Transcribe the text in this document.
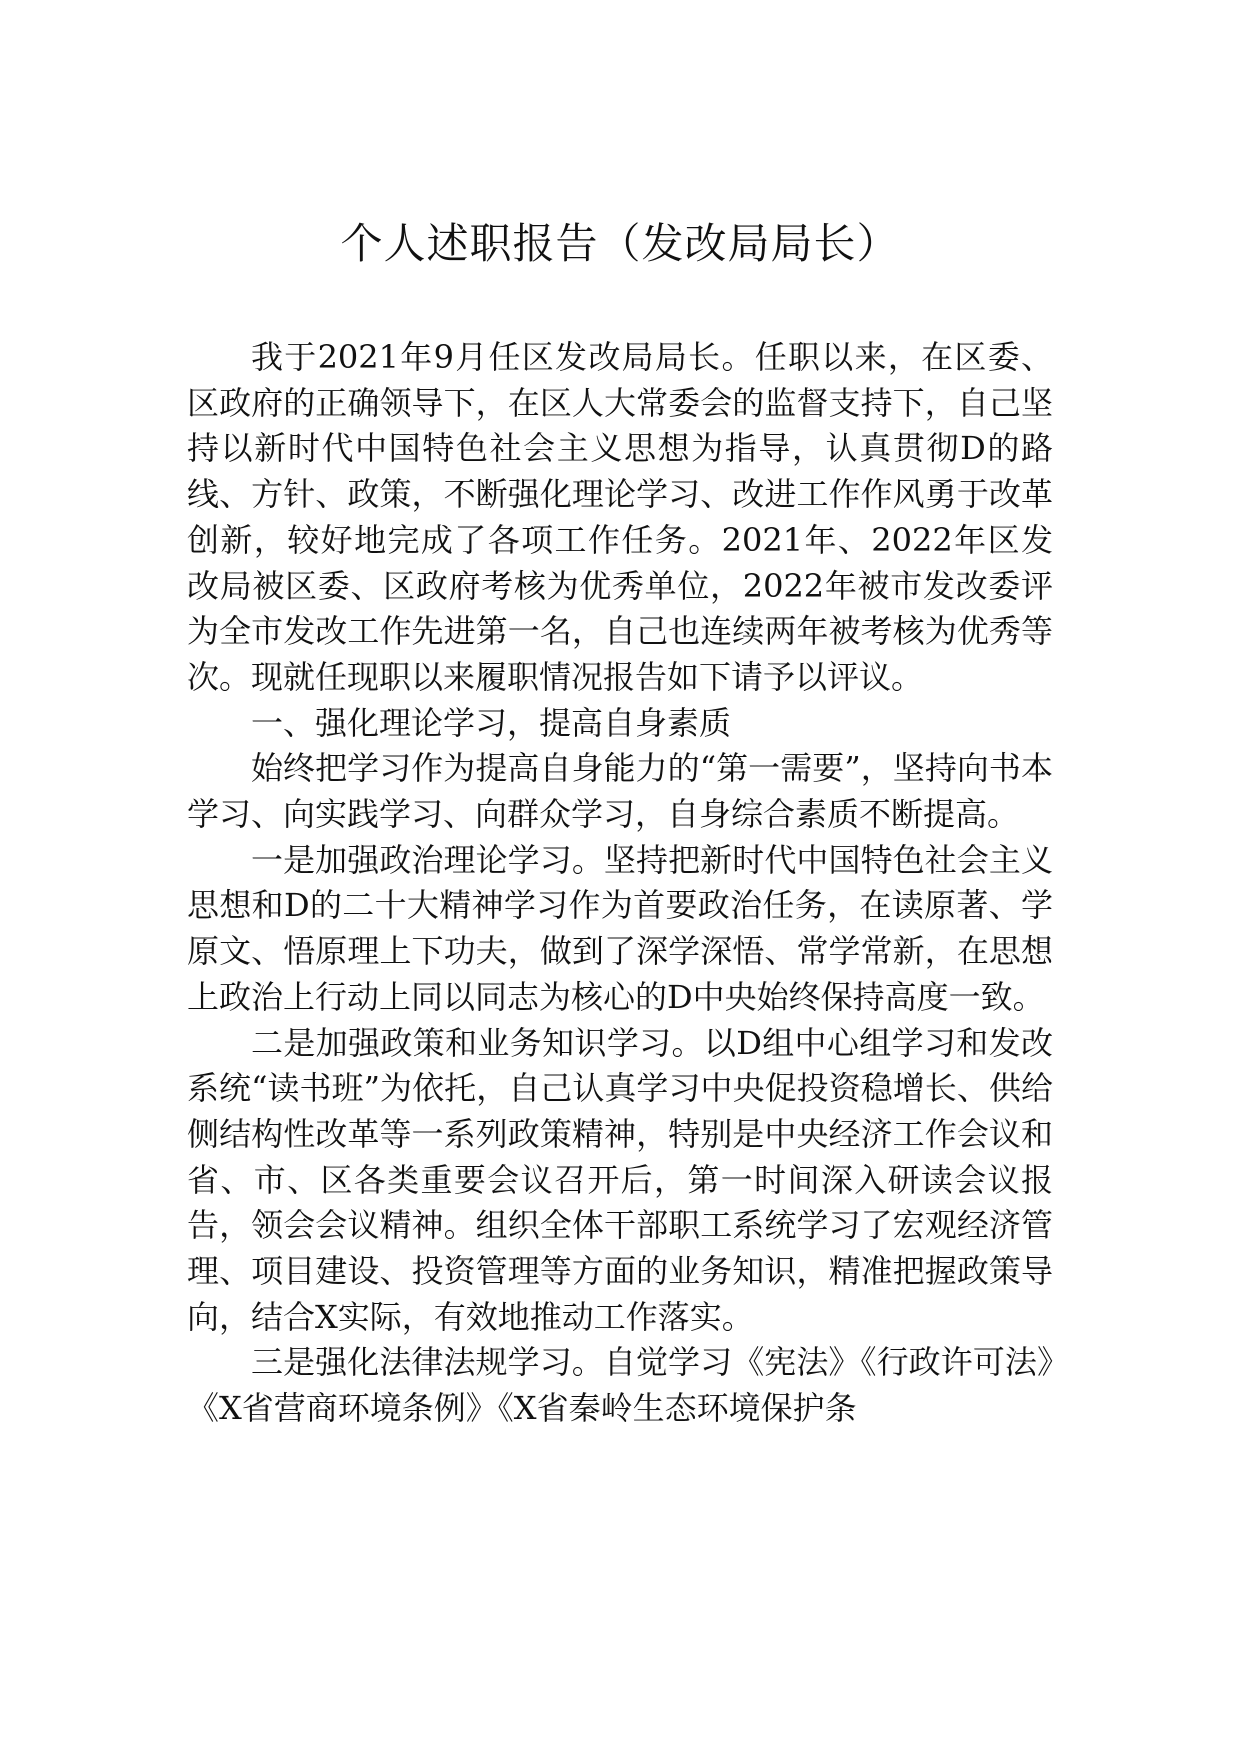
个人述职报告（发改局局长）

我于2021年9月任区发改局局长。任职以来，在区委、区政府的正确领导下，在区人大常委会的监督支持下，自己坚持以新时代中国特色社会主义思想为指导，认真贯彻D的路线、方针、政策，不断强化理论学习、改进工作作风勇于改革创新，较好地完成了各项工作任务。2021年、2022年区发改局被区委、区政府考核为优秀单位，2022年被市发改委评为全市发改工作先进第一名，自己也连续两年被考核为优秀等次。现就任现职以来履职情况报告如下请予以评议。

一、强化理论学习，提高自身素质

始终把学习作为提高自身能力的“第一需要”，坚持向书本学习、向实践学习、向群众学习，自身综合素质不断提高。

一是加强政治理论学习。坚持把新时代中国特色社会主义思想和D的二十大精神学习作为首要政治任务，在读原著、学原文、悟原理上下功夫，做到了深学深悟、常学常新，在思想上政治上行动上同以同志为核心的D中央始终保持高度一致。

二是加强政策和业务知识学习。以D组中心组学习和发改系统“读书班”为依托，自己认真学习中央促投资稳增长、供给侧结构性改革等一系列政策精神，特别是中央经济工作会议和省、市、区各类重要会议召开后，第一时间深入研读会议报告，领会会议精神。组织全体干部职工系统学习了宏观经济管理、项目建设、投资管理等方面的业务知识，精准把握政策导向，结合X实际，有效地推动工作落实。

三是强化法律法规学习。自觉学习《宪法》《行政许可法》《X省营商环境条例》《X省秦岭生态环境保护条
